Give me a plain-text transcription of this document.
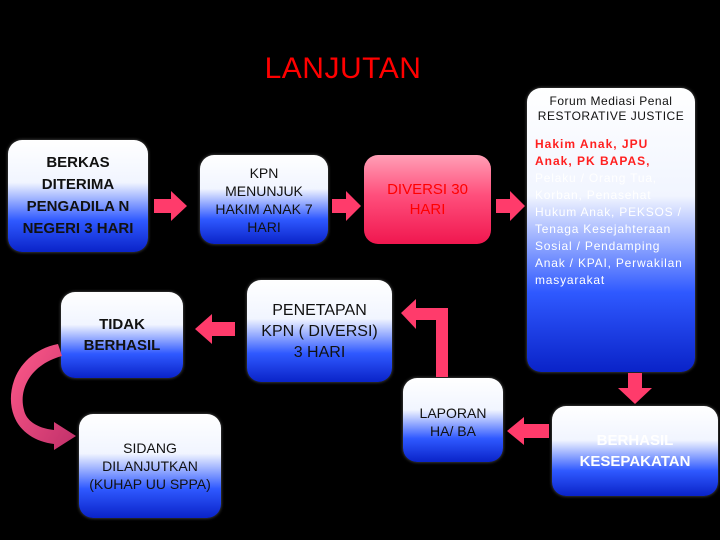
LANJUTAN
BERKAS DITERIMA PENGADILA N NEGERI 3 HARI
KPN MENUNJUK HAKIM ANAK 7 HARI
DIVERSI 30 HARI
Forum Mediasi Penal RESTORATIVE JUSTICE
Hakim Anak, JPU Anak, PK BAPAS,
Pelaku / Orang Tua, Korban, Penasehat Hukum Anak, PEKSOS / Tenaga Kesejahteraan Sosial / Pendamping Anak / KPAI, Perwakilan masyarakat
TIDAK BERHASIL
PENETAPAN KPN ( DIVERSI) 3 HARI
SIDANG DILANJUTKAN (KUHAP UU SPPA)
LAPORAN HA/ BA
BERHASIL KESEPAKATAN
